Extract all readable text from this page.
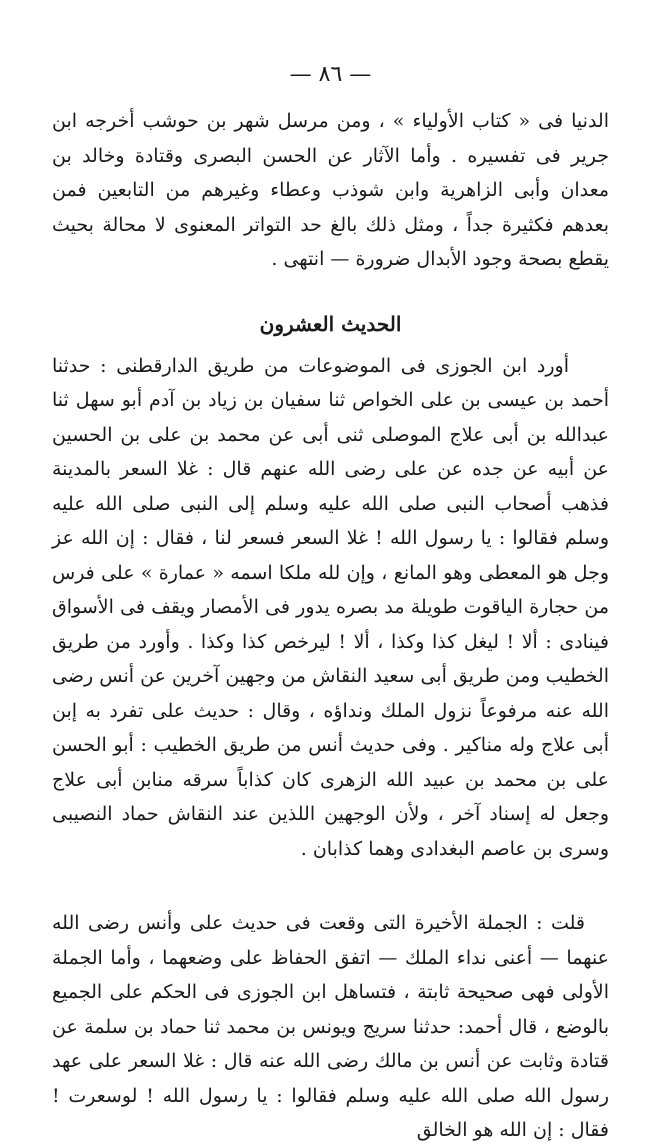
— ٨٦ —

الدنيا فى « كتاب الأولياء » ، ومن مرسل شهر بن حوشب أخرجه ابن جرير فى تفسيره . وأما الآثار عن الحسن البصرى وقتادة وخالد بن معدان وأبى الزاهرية وابن شوذب وعطاء وغيرهم من التابعين فمن بعدهم فكثيرة جداً ، ومثل ذلك بالغ حد التواتر المعنوى لا محالة بحيث يقطع بصحة وجود الأبدال ضرورة — انتهى .

الحديث العشرون

أورد ابن الجوزى فى الموضوعات من طريق الدارقطنى : حدثنا أحمد بن عيسى بن على الخواص ثنا سفيان بن زياد بن آدم أبو سهل ثنا عبدالله بن أبى علاج الموصلى ثنى أبى عن محمد بن على بن الحسين عن أبيه عن جده عن على رضى الله عنهم قال : غلا السعر بالمدينة فذهب أصحاب النبى صلى الله عليه وسلم إلى النبى صلى الله عليه وسلم فقالوا : يا رسول الله ! غلا السعر فسعر لنا ، فقال : إن الله عز وجل هو المعطى وهو المانع ، وإن لله ملكا اسمه « عمارة » على فرس من حجارة الياقوت طويلة مد بصره يدور فى الأمصار ويقف فى الأسواق فينادى : ألا ! ليغل كذا وكذا ، ألا ! ليرخص كذا وكذا . وأورد من طريق الخطيب ومن طريق أبى سعيد النقاش من وجهين آخرين عن أنس رضى الله عنه مرفوعاً نزول الملك ونداؤه ، وقال : حديث على تفرد به إبن أبى علاج وله مناكير . وفى حديث أنس من طريق الخطيب : أبو الحسن على بن محمد بن عبيد الله الزهرى كان كذاباً سرقه منابن أبى علاج وجعل له إسناد آخر ، ولأن الوجهين اللذين عند النقاش حماد النصيبى وسرى بن عاصم البغدادى وهما كذابان .

قلت : الجملة الأخيرة التى وقعت فى حديث على وأنس رضى الله عنهما — أعنى نداء الملك — اتفق الحفاظ على وضعهما ، وأما الجملة الأولى فهى صحيحة ثابتة ، فتساهل ابن الجوزى فى الحكم على الجميع بالوضع ، قال أحمد: حدثنا سريج ويونس بن محمد ثنا حماد بن سلمة عن قتادة وثابت عن أنس بن مالك رضى الله عنه قال : غلا السعر على عهد رسول الله صلى الله عليه وسلم فقالوا : يا رسول الله ! لوسعرت ! فقال : إن الله هو الخالق
